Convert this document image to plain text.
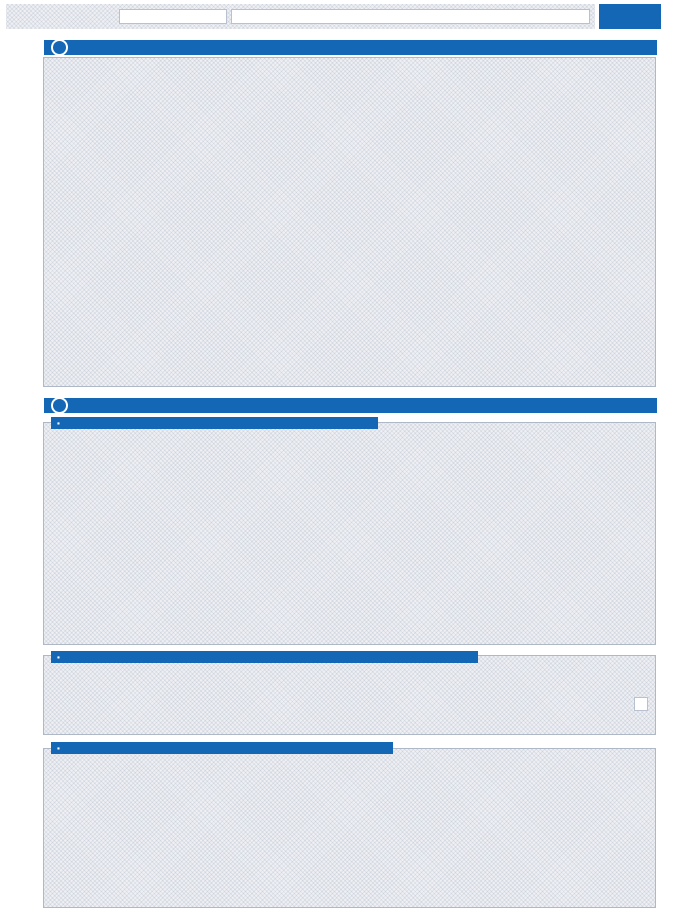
▪

▪

▪
